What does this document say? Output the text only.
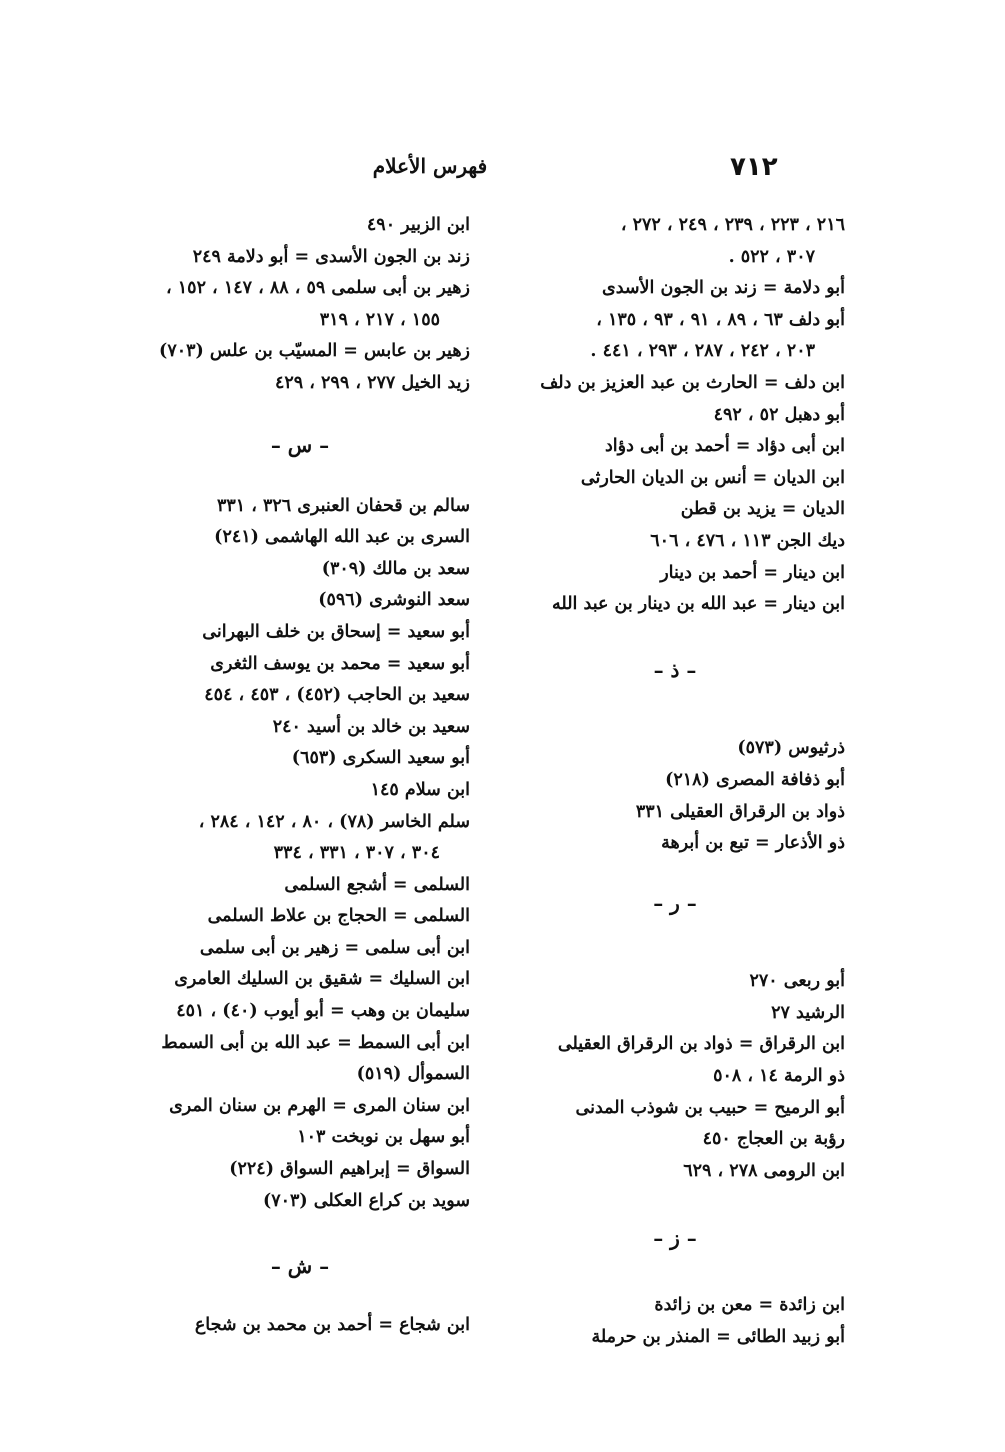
٧١٢
فهرس الأعلام
٢١٦ ، ٢٢٣ ، ٢٣٩ ، ٢٤٩ ، ٢٧٢ ،
٣٠٧ ، ٥٢٢ .
أبو دلامة = زند بن الجون الأسدى
أبو دلف ٦٣ ، ٨٩ ، ٩١ ، ٩٣ ، ١٣٥ ،
٢٠٣ ، ٢٤٢ ، ٢٨٧ ، ٢٩٣ ، ٤٤١ .
ابن دلف = الحارث بن عبد العزيز بن دلف
أبو دهبل ٥٢ ، ٤٩٢
ابن أبى دؤاد = أحمد بن أبى دؤاد
ابن الديان = أنس بن الديان الحارثى
الديان = يزيد بن قطن
ديك الجن ١١٣ ، ٤٧٦ ، ٦٠٦
ابن دينار = أحمد بن دينار
ابن دينار = عبد الله بن دينار بن عبد الله
– ذ –
ذرثيوس (٥٧٣)
أبو ذفافة المصرى (٢١٨)
ذواد بن الرقراق العقيلى ٣٣١
ذو الأذعار = تبع بن أبرهة
– ر –
أبو ربعى ٢٧٠
الرشيد ٢٧
ابن الرقراق = ذواد بن الرقراق العقيلى
ذو الرمة ١٤ ، ٥٠٨
أبو الرميح = حبيب بن شوذب المدنى
رؤبة بن العجاج ٤٥٠
ابن الرومى ٢٧٨ ، ٦٢٩
– ز –
ابن زائدة = معن بن زائدة
أبو زبيد الطائى = المنذر بن حرملة
ابن الزبير ٤٩٠
زند بن الجون الأسدى = أبو دلامة ٢٤٩
زهير بن أبى سلمى ٥٩ ، ٨٨ ، ١٤٧ ، ١٥٢ ،
١٥٥ ، ٢١٧ ، ٣١٩
زهير بن عابس = المسيّب بن علس (٧٠٣)
زيد الخيل ٢٧٧ ، ٢٩٩ ، ٤٢٩
– س –
سالم بن قحفان العنبرى ٣٢٦ ، ٣٣١
السرى بن عبد الله الهاشمى (٢٤١)
سعد بن مالك (٣٠٩)
سعد النوشرى (٥٩٦)
أبو سعيد = إسحاق بن خلف البهرانى
أبو سعيد = محمد بن يوسف الثغرى
سعيد بن الحاجب (٤٥٢) ، ٤٥٣ ، ٤٥٤
سعيد بن خالد بن أسيد ٢٤٠
أبو سعيد السكرى (٦٥٣)
ابن سلام ١٤٥
سلم الخاسر (٧٨) ، ٨٠ ، ١٤٢ ، ٢٨٤ ،
٣٠٤ ، ٣٠٧ ، ٣٣١ ، ٣٣٤
السلمى = أشجع السلمى
السلمى = الحجاج بن علاط السلمى
ابن أبى سلمى = زهير بن أبى سلمى
ابن السليك = شقيق بن السليك العامرى
سليمان بن وهب = أبو أيوب (٤٠) ، ٤٥١
ابن أبى السمط = عبد الله بن أبى السمط
السموأل (٥١٩)
ابن سنان المرى = الهرم بن سنان المرى
أبو سهل بن نوبخت ١٠٣
السواق = إبراهيم السواق (٢٢٤)
سويد بن كراع العكلى (٧٠٣)
– ش –
ابن شجاع = أحمد بن محمد بن شجاع
